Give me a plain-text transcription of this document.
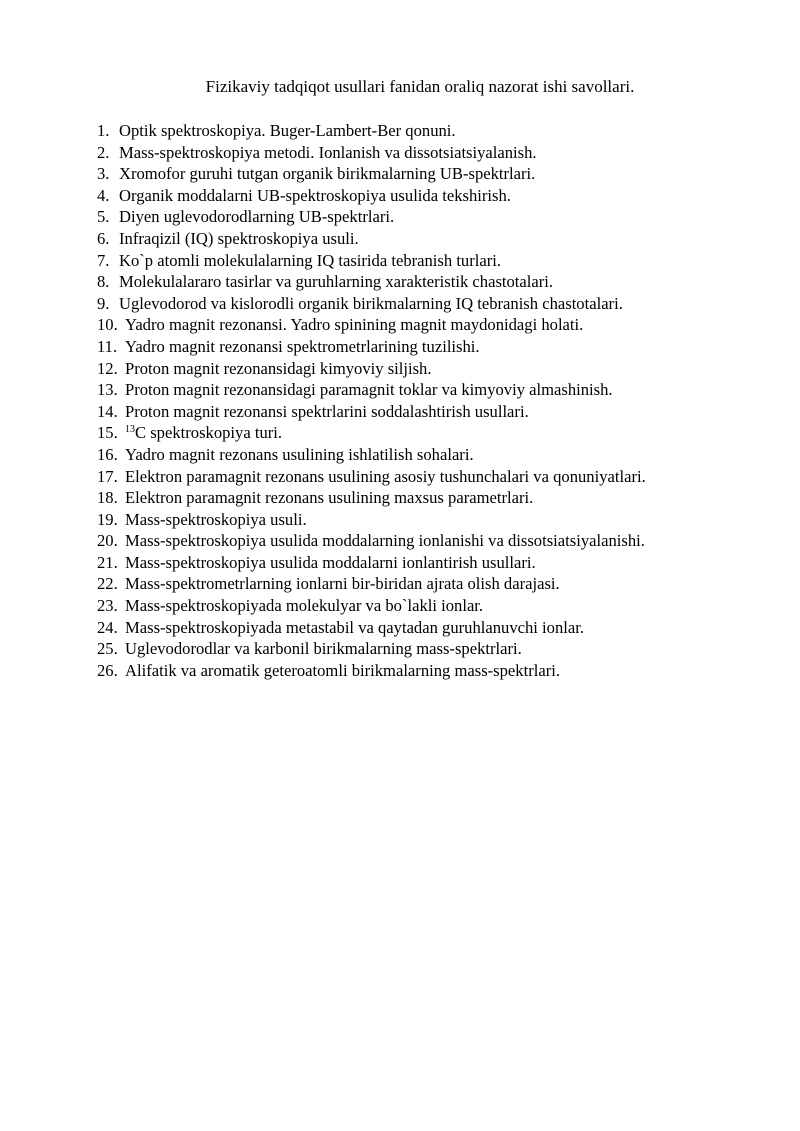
Fizikaviy tadqiqot usullari fanidan oraliq nazorat ishi savollari.
1. Optik spektroskopiya. Buger-Lambert-Ber qonuni.
2. Mass-spektroskopiya metodi. Ionlanish va dissotsiatsiyalanish.
3. Xromofor guruhi tutgan organik birikmalarning UB-spektrlari.
4. Organik moddalarni UB-spektroskopiya usulida tekshirish.
5. Diyen uglevodorodlarning UB-spektrlari.
6. Infraqizil (IQ) spektroskopiya usuli.
7. Ko`p atomli molekulalarning IQ tasirida tebranish turlari.
8. Molekulalararo tasirlar va guruhlarning xarakteristik chastotalari.
9. Uglevodorod va kislorodli organik birikmalarning IQ tebranish chastotalari.
10. Yadro magnit rezonansi. Yadro spinining magnit maydonidagi holati.
11. Yadro magnit rezonansi spektrometrlarining tuzilishi.
12. Proton magnit rezonansidagi kimyoviy siljish.
13. Proton magnit rezonansidagi paramagnit toklar va kimyoviy almashinish.
14. Proton magnit rezonansi spektrlarini soddalashtirish usullari.
15. $^{13}$C spektroskopiya turi.
16. Yadro magnit rezonans usulining ishlatilish sohalari.
17. Elektron paramagnit rezonans usulining asosiy tushunchalari va qonuniyatlari.
18. Elektron paramagnit rezonans usulining maxsus parametrlari.
19. Mass-spektroskopiya usuli.
20. Mass-spektroskopiya usulida moddalarning ionlanishi va dissotsiatsiyalanishi.
21. Mass-spektroskopiya usulida moddalarni ionlantirish usullari.
22. Mass-spektrometrlarning ionlarni bir-biridan ajrata olish darajasi.
23. Mass-spektroskopiyada molekulyar va bo`lakli ionlar.
24. Mass-spektroskopiyada metastabil va qaytadan guruhlanuvchi ionlar.
25. Uglevodorodlar va karbonil birikmalarning mass-spektrlari.
26. Alifatik va aromatik geteroatomli birikmalarning mass-spektrlari.
